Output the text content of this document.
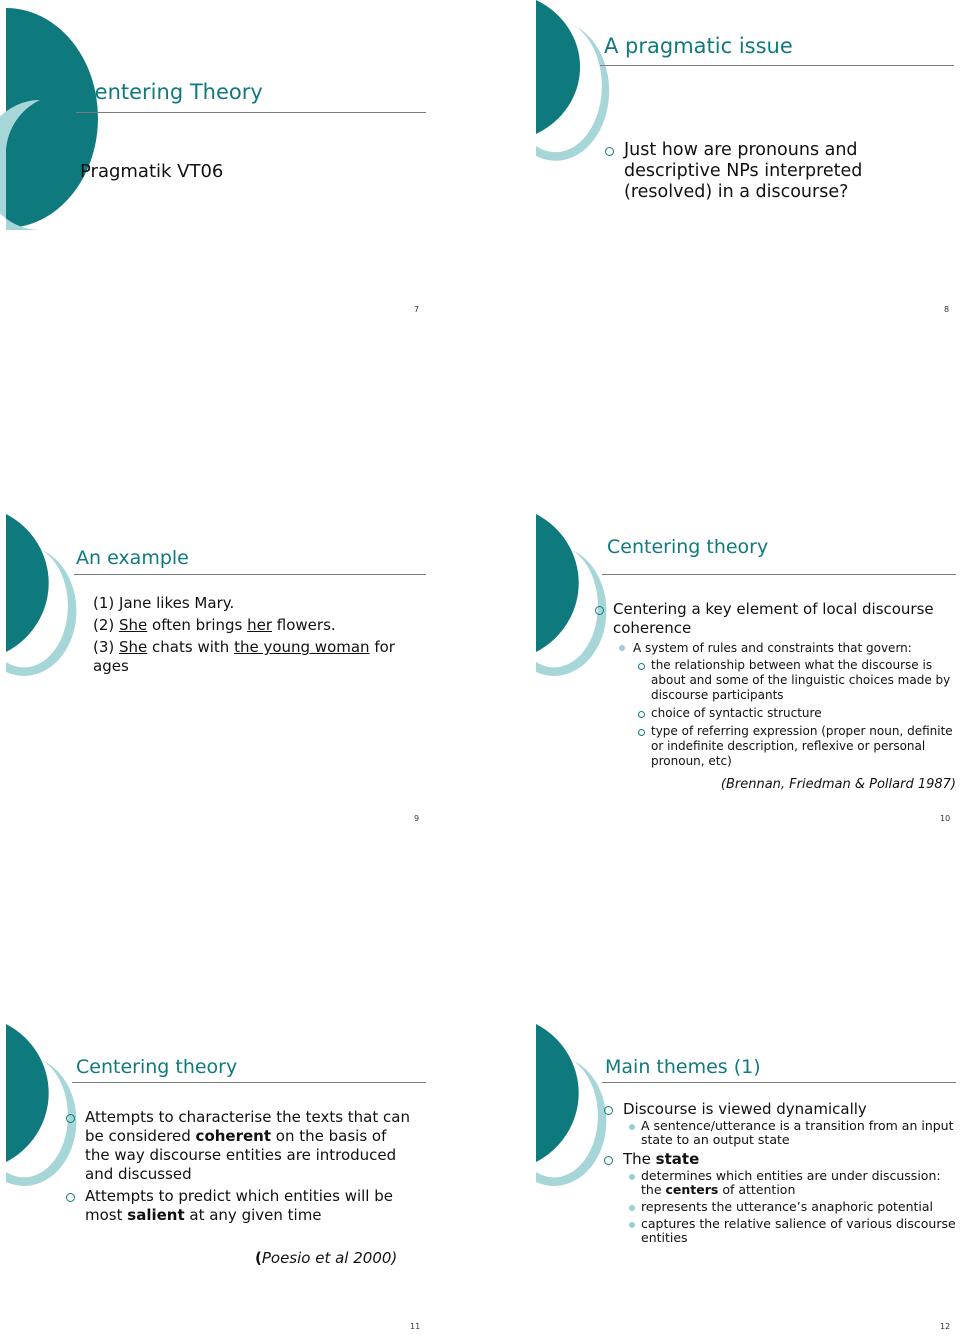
Centering Theory
Pragmatik VT06
7
A pragmatic issue

Just how are pronouns and descriptive NPs interpreted (resolved) in a discourse?

8
An example
(1) Jane likes Mary.
(2) She often brings her flowers.
(3) She chats with the young woman for
ages
9
Centering theory

Centering a key element of local discourse coherence

A system of rules and constraints that govern:

the relationship between what the discourse is about and some of the linguistic choices made by discourse participants

choice of syntactic structure

type of referring expression (proper noun, definite or indefinite description, reflexive or personal pronoun, etc)

(Brennan, Friedman & Pollard 1987)
10
Centering theory

Attempts to characterise the texts that can be considered coherent on the basis of the way discourse entities are introduced and discussed

Attempts to predict which entities will be most salient at any given time

(Poesio et al 2000)
11
Main themes (1)

Discourse is viewed dynamically

A sentence/utterance is a transition from an input state to an output state

The state

determines which entities are under discussion: the centers of attention

represents the utterance’s anaphoric potential

captures the relative salience of various discourse entities

12
